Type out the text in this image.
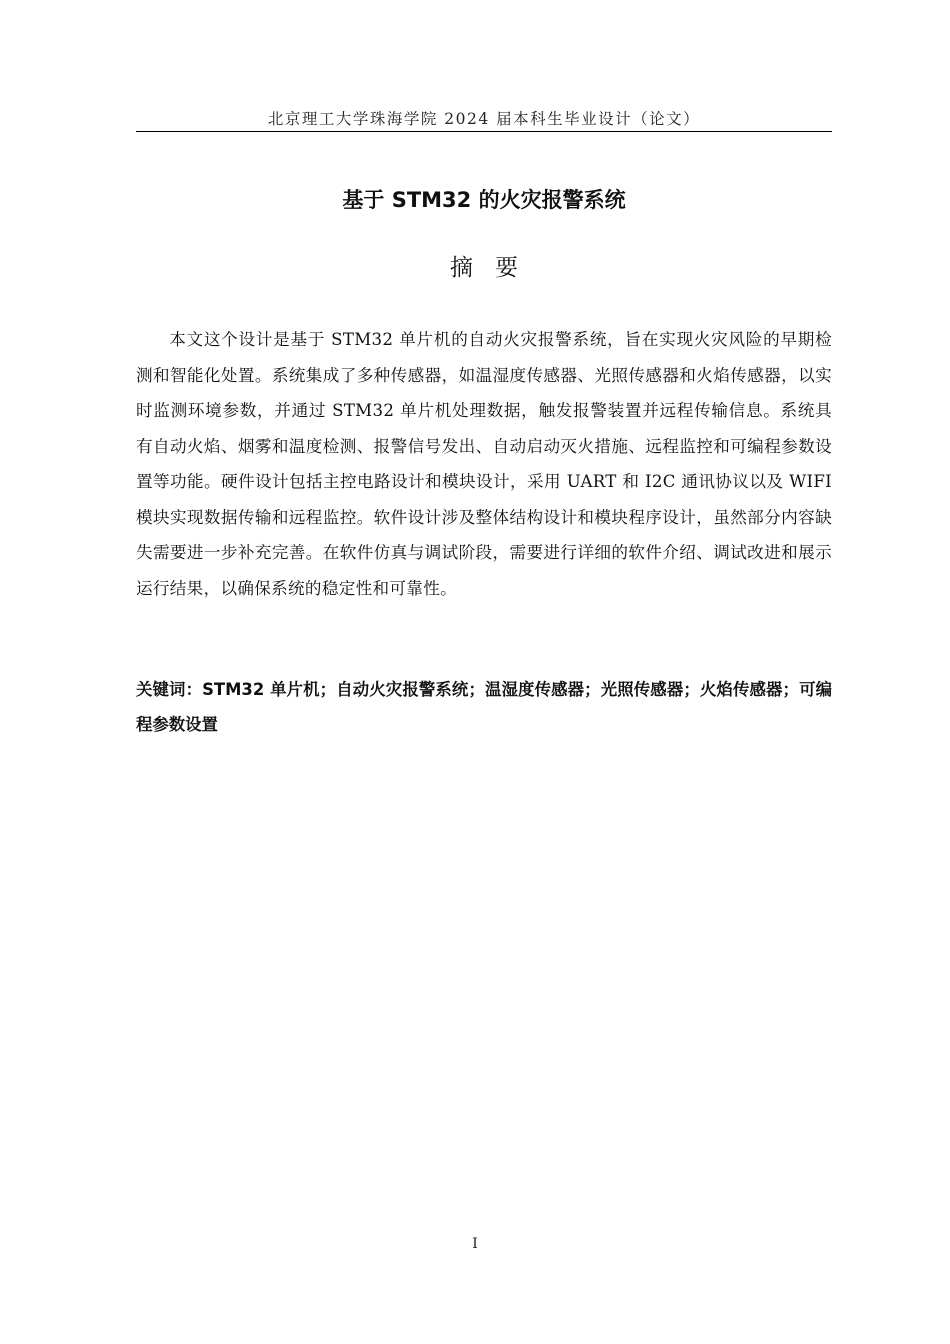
北京理工大学珠海学院 2024 届本科生毕业设计（论文）
基于 STM32 的火灾报警系统
摘要

本文这个设计是基于 STM32 单片机的自动火灾报警系统，旨在实现火灾风险的早期检测和智能化处置。系统集成了多种传感器，如温湿度传感器、光照传感器和火焰传感器，以实时监测环境参数，并通过 STM32 单片机处理数据，触发报警装置并远程传输信息。系统具有自动火焰、烟雾和温度检测、报警信号发出、自动启动灭火措施、远程监控和可编程参数设置等功能。硬件设计包括主控电路设计和模块设计，采用 UART 和 I2C 通讯协议以及 WIFI 模块实现数据传输和远程监控。软件设计涉及整体结构设计和模块程序设计，虽然部分内容缺失需要进一步补充完善。在软件仿真与调试阶段，需要进行详细的软件介绍、调试改进和展示运行结果，以确保系统的稳定性和可靠性。

关键词：STM32 单片机；自动火灾报警系统；温湿度传感器；光照传感器；火焰传感器；可编程参数设置

I
